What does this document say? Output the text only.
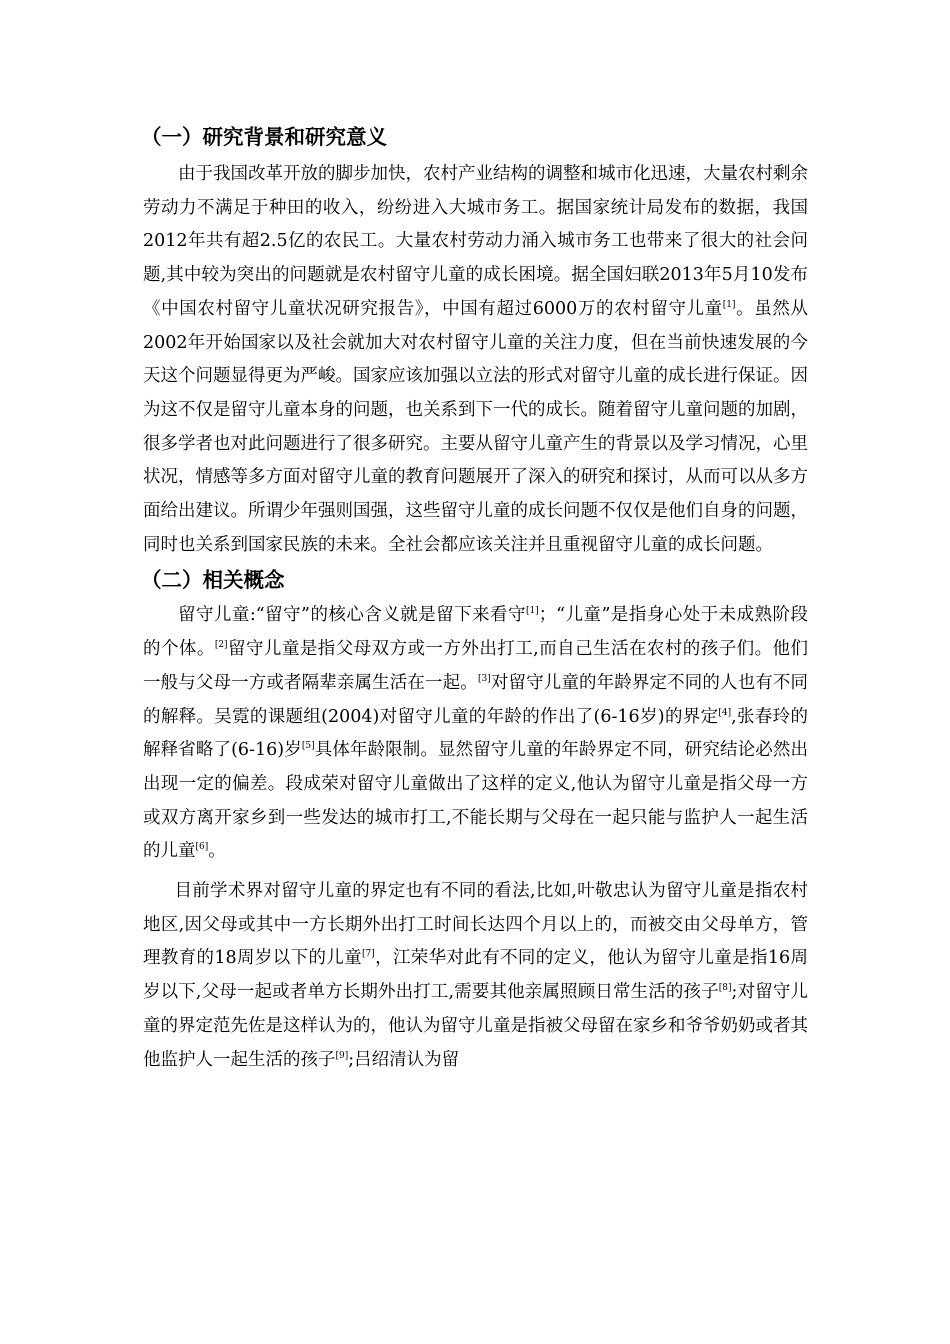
（一）研究背景和研究意义

由于我国改革开放的脚步加快，农村产业结构的调整和城市化迅速，大量农村剩余劳动力不满足于种田的收入，纷纷进入大城市务工。据国家统计局发布的数据，我国2012年共有超2.5亿的农民工。大量农村劳动力涌入城市务工也带来了很大的社会问题,其中较为突出的问题就是农村留守儿童的成长困境。据全国妇联2013年5月10发布《中国农村留守儿童状况研究报告》，中国有超过6000万的农村留守儿童[1]。虽然从2002年开始国家以及社会就加大对农村留守儿童的关注力度，但在当前快速发展的今天这个问题显得更为严峻。国家应该加强以立法的形式对留守儿童的成长进行保证。因为这不仅是留守儿童本身的问题，也关系到下一代的成长。随着留守儿童问题的加剧，很多学者也对此问题进行了很多研究。主要从留守儿童产生的背景以及学习情况，心里状况，情感等多方面对留守儿童的教育问题展开了深入的研究和探讨，从而可以从多方面给出建议。所谓少年强则国强，这些留守儿童的成长问题不仅仅是他们自身的问题，同时也关系到国家民族的未来。全社会都应该关注并且重视留守儿童的成长问题。

（二）相关概念

留守儿童:“留守”的核心含义就是留下来看守[1]；“儿童”是指身心处于未成熟阶段的个体。[2]留守儿童是指父母双方或一方外出打工,而自己生活在农村的孩子们。他们一般与父母一方或者隔辈亲属生活在一起。[3]对留守儿童的年龄界定不同的人也有不同的解释。吴霓的课题组(2004)对留守儿童的年龄的作出了(6-16岁)的界定[4],张春玲的解释省略了(6-16)岁[5]具体年龄限制。显然留守儿童的年龄界定不同，研究结论必然出出现一定的偏差。段成荣对留守儿童做出了这样的定义,他认为留守儿童是指父母一方或双方离开家乡到一些发达的城市打工,不能长期与父母在一起只能与监护人一起生活的儿童[6]。

目前学术界对留守儿童的界定也有不同的看法,比如,叶敬忠认为留守儿童是指农村地区,因父母或其中一方长期外出打工时间长达四个月以上的，而被交由父母单方，管理教育的18周岁以下的儿童[7]，江荣华对此有不同的定义，他认为留守儿童是指16周岁以下,父母一起或者单方长期外出打工,需要其他亲属照顾日常生活的孩子[8];对留守儿童的界定范先佐是这样认为的，他认为留守儿童是指被父母留在家乡和爷爷奶奶或者其他监护人一起生活的孩子[9];吕绍清认为留
